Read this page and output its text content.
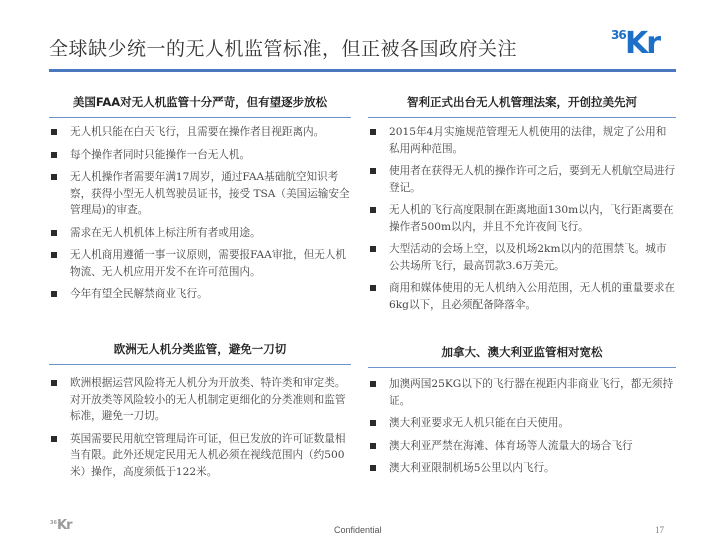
全球缺少统一的无人机监管标准，但正被各国政府关注
36 Kr
美国FAA对无人机监管十分严苛，但有望逐步放松
无人机只能在白天飞行，且需要在操作者目视距离内。
每个操作者同时只能操作一台无人机。
无人机操作者需要年满17周岁，通过FAA基础航空知识考察，获得小型无人机驾驶员证书，接受 TSA（美国运输安全管理局)的审查。
需求在无人机机体上标注所有者或用途。
无人机商用遵循一事一议原则，需要报FAA审批，但无人机物流、无人机应用开发不在许可范围内。
今年有望全民解禁商业飞行。
智利正式出台无人机管理法案，开创拉美先河
2015年4月实施规范管理无人机使用的法律，规定了公用和私用两种范围。
使用者在获得无人机的操作许可之后，要到无人机航空局进行登记。
无人机的飞行高度限制在距离地面130m以内，飞行距离要在操作者500m以内，并且不允许夜间飞行。
大型活动的会场上空，以及机场2km以内的范围禁飞。城市公共场所飞行，最高罚款3.6万美元。
商用和媒体使用的无人机纳入公用范围，无人机的重量要求在6kg以下，且必须配备降落伞。
欧洲无人机分类监管，避免一刀切
欧洲根据运营风险将无人机分为开放类、特许类和审定类。对开放类等风险较小的无人机制定更细化的分类准则和监管标准，避免一刀切。
英国需要民用航空管理局许可证，但已发放的许可证数量相当有限。此外还规定民用无人机必须在视线范围内（约500米）操作，高度须低于122米。
加拿大、澳大利亚监管相对宽松
加澳两国25KG以下的飞行器在视距内非商业飞行，都无须持证。
澳大利亚要求无人机只能在白天使用。
澳大利亚严禁在海滩、体育场等人流量大的场合飞行
澳大利亚限制机场5公里以内飞行。
36 Kr	Confidential	17
